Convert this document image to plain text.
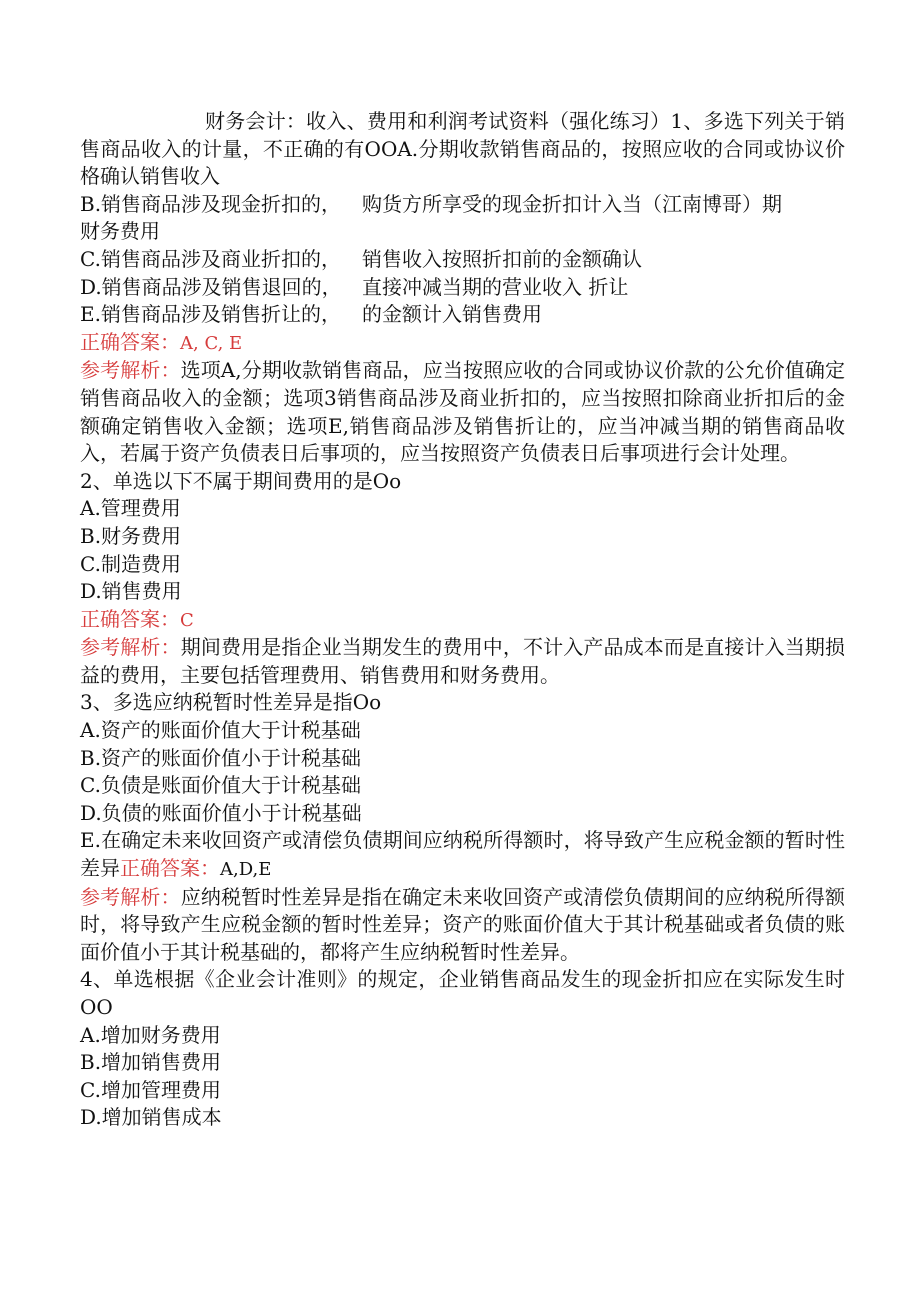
财务会计：收入、费用和利润考试资料（强化练习）1、多选下列关于销售商品收入的计量，不正确的有OOA.分期收款销售商品的，按照应收的合同或协议价格确认销售收入
B.销售商品涉及现金折扣的，	购货方所享受的现金折扣计入当（江南博哥）期
财务费用
C.销售商品涉及商业折扣的，	销售收入按照折扣前的金额确认
D.销售商品涉及销售退回的，	直接冲减当期的营业收入 折让
E.销售商品涉及销售折让的，	的金额计入销售费用
正确答案：A, C, E
参考解析：选项A,分期收款销售商品，应当按照应收的合同或协议价款的公允价值确定销售商品收入的金额；选项3销售商品涉及商业折扣的，应当按照扣除商业折扣后的金额确定销售收入金额；选项E,销售商品涉及销售折让的，应当冲减当期的销售商品收入，若属于资产负债表日后事项的，应当按照资产负债表日后事项进行会计处理。
2、单选以下不属于期间费用的是Oo
A.管理费用
B.财务费用
C.制造费用
D.销售费用
正确答案：C
参考解析：期间费用是指企业当期发生的费用中，不计入产品成本而是直接计入当期损益的费用，主要包括管理费用、销售费用和财务费用。
3、多选应纳税暂时性差异是指Oo
A.资产的账面价值大于计税基础
B.资产的账面价值小于计税基础
C.负债是账面价值大于计税基础
D.负债的账面价值小于计税基础
E.在确定未来收回资产或清偿负债期间应纳税所得额时，将导致产生应税金额的暂时性差异正确答案：A,D,E
参考解析：应纳税暂时性差异是指在确定未来收回资产或清偿负债期间的应纳税所得额时，将导致产生应税金额的暂时性差异；资产的账面价值大于其计税基础或者负债的账面价值小于其计税基础的，都将产生应纳税暂时性差异。
4、单选根据《企业会计准则》的规定，企业销售商品发生的现金折扣应在实际发生时OO
A.增加财务费用
B.增加销售费用
C.增加管理费用
D.增加销售成本
